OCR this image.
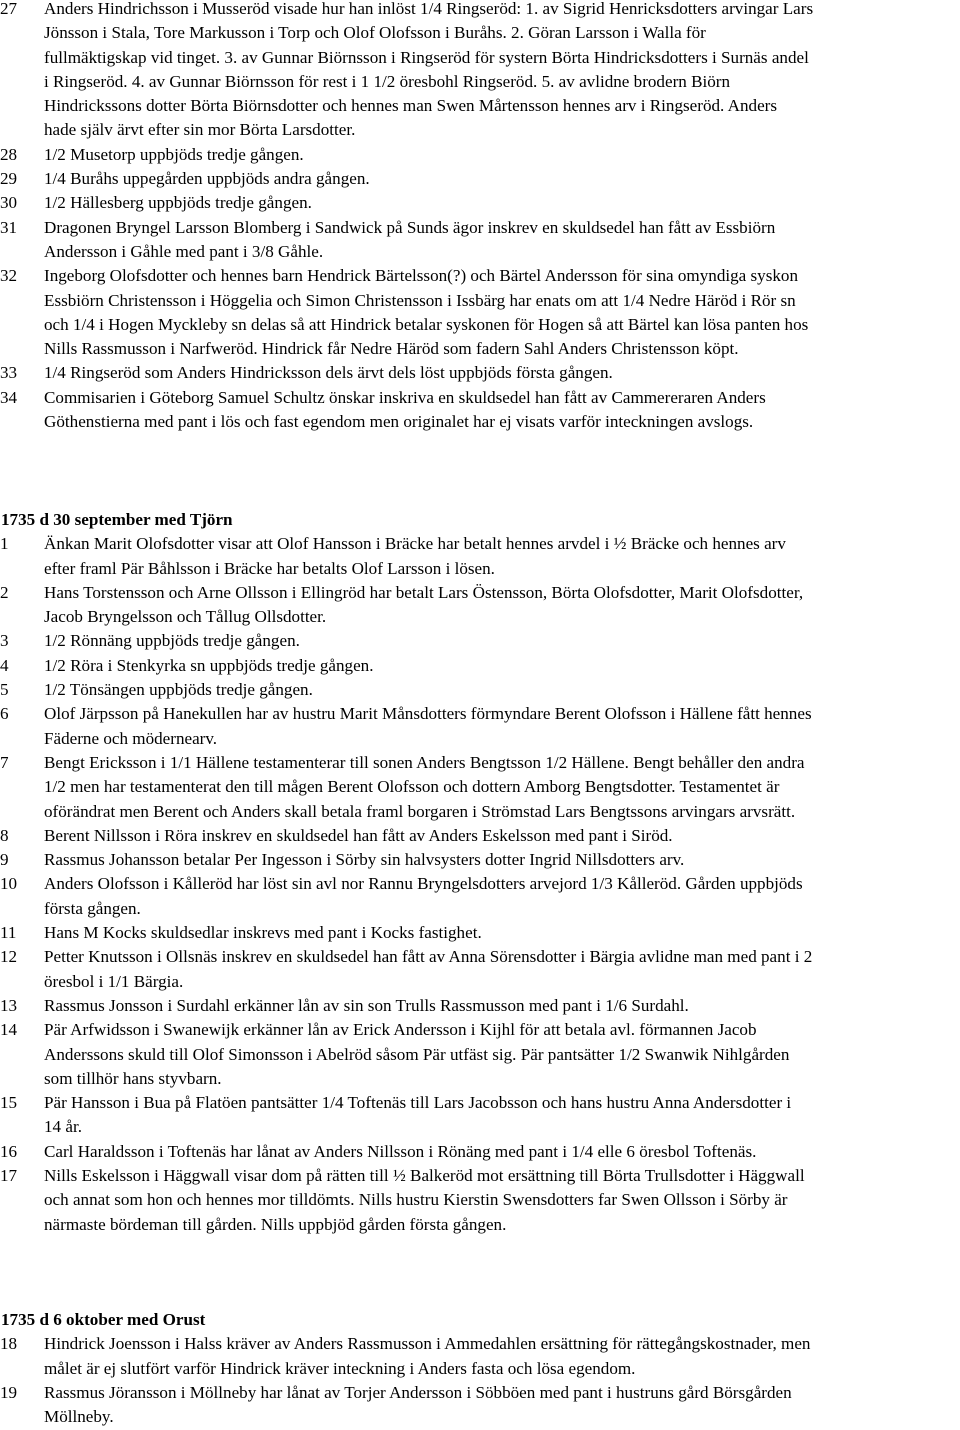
27	Anders Hindrichsson i Musseröd visade hur han inlöst 1/4 Ringseröd: 1. av Sigrid Henricksdotters arvingar Lars
Jönsson i Stala, Tore Markusson i Torp och Olof Olofsson i Buråhs. 2. Göran Larsson i Walla för
fullmäktigskap vid tinget. 3. av Gunnar Biörnsson i Ringseröd för systern Börta Hindricksdotters i Surnäs andel
i Ringseröd. 4. av Gunnar Biörnsson för rest i 1 1/2 öresbohl Ringseröd. 5. av avlidne brodern Biörn
Hindrickssons dotter Börta Biörnsdotter och hennes man Swen Mårtensson hennes arv i Ringseröd. Anders
hade själv ärvt efter sin mor Börta Larsdotter.
28	1/2 Musetorp uppbjöds tredje gången.
29	1/4 Buråhs uppegården uppbjöds andra gången.
30	1/2 Hällesberg uppbjöds tredje gången.
31	Dragonen Bryngel Larsson Blomberg i Sandwick på Sunds ägor inskrev en skuldsedel han fått av Essbiörn
Andersson i Gåhle med pant i 3/8 Gåhle.
32	Ingeborg Olofsdotter och hennes barn Hendrick Bärtelsson(?) och Bärtel Andersson för sina omyndiga syskon
Essbiörn Christensson i Höggelia och Simon Christensson i Issbärg har enats om att 1/4 Nedre Häröd i Rör sn
och 1/4 i Hogen Myckleby sn delas så att Hindrick betalar syskonen för Hogen så att Bärtel kan lösa panten hos
Nills Rassmusson i Narfweröd. Hindrick får Nedre Häröd som fadern Sahl Anders Christensson köpt.
33	1/4 Ringseröd som Anders Hindricksson dels ärvt dels löst uppbjöds första gången.
34	Commisarien i Göteborg Samuel Schultz önskar inskriva en skuldsedel han fått av Cammereraren Anders
Göthenstierna med pant i lös och fast egendom men originalet har ej visats varför inteckningen avslogs.
1735 d 30 september med Tjörn
1	Änkan Marit Olofsdotter visar att Olof Hansson i Bräcke har betalt hennes arvdel i ½ Bräcke och hennes arv
efter framl Pär Båhlsson i Bräcke har betalts Olof Larsson i lösen.
2	Hans Torstensson och Arne Ollsson i Ellingröd har betalt Lars Östensson, Börta Olofsdotter, Marit Olofsdotter,
Jacob Bryngelsson och Tållug Ollsdotter.
3	1/2 Rönnäng uppbjöds tredje gången.
4	1/2 Röra i Stenkyrka sn uppbjöds tredje gången.
5	1/2 Tönsängen uppbjöds tredje gången.
6	Olof Järpsson på Hanekullen har av hustru Marit Månsdotters förmyndare Berent Olofsson i Hällene fått hennes
Fäderne och mödernearv.
7	Bengt Ericksson i 1/1 Hällene testamenterar till sonen Anders Bengtsson 1/2 Hällene. Bengt behåller den andra
1/2 men har testamenterat den till mågen Berent Olofsson och dottern Amborg Bengtsdotter. Testamentet är
oförändrat men Berent och Anders skall betala framl borgaren i Strömstad Lars Bengtssons arvingars arvsrätt.
8	Berent Nillsson i Röra inskrev en skuldsedel han fått av Anders Eskelsson med pant i Siröd.
9	Rassmus Johansson betalar Per Ingesson i Sörby sin halvsysters dotter Ingrid Nillsdotters arv.
10	Anders Olofsson i Kålleröd har löst sin avl nor Rannu Bryngelsdotters arvejord 1/3 Kålleröd. Gården uppbjöds
första gången.
11	Hans M Kocks skuldsedlar inskrevs med pant i Kocks fastighet.
12	Petter Knutsson i Ollsnäs inskrev en skuldsedel han fått av Anna Sörensdotter i Bärgia avlidne man med pant i 2
öresbol i 1/1 Bärgia.
13	Rassmus Jonsson i Surdahl erkänner lån av sin son Trulls Rassmusson med pant i 1/6 Surdahl.
14	Pär Arfwidsson i Swanewijk erkänner lån av Erick Andersson i Kijhl för att betala avl. förmannen Jacob
Anderssons skuld till Olof Simonsson i Abelröd såsom Pär utfäst sig. Pär pantsätter 1/2 Swanwik Nihlgården
som tillhör hans styvbarn.
15	Pär Hansson i Bua på Flatöen pantsätter 1/4 Toftenäs till Lars Jacobsson och hans hustru Anna Andersdotter i
14 år.
16	Carl Haraldsson i Toftenäs har lånat av Anders Nillsson i Rönäng med pant i 1/4 elle 6 öresbol Toftenäs.
17	Nills Eskelsson i Häggwall visar dom på rätten till ½ Balkeröd mot ersättning till Börta Trullsdotter i Häggwall
och annat som hon och hennes mor tilldömts. Nills hustru Kierstin Swensdotters far Swen Ollsson i Sörby är
närmaste bördeman till gården. Nills uppbjöd gården första gången.
1735 d 6 oktober med Orust
18	Hindrick Joensson i Halss kräver av Anders Rassmusson i Ammedahlen ersättning för rättegångskostnader, men
målet är ej slutfört varför Hindrick kräver inteckning i Anders fasta och lösa egendom.
19	Rassmus Jöransson i Möllneby har lånat av Torjer Andersson i Söbböen med pant i hustruns gård Börsgården
Möllneby.
